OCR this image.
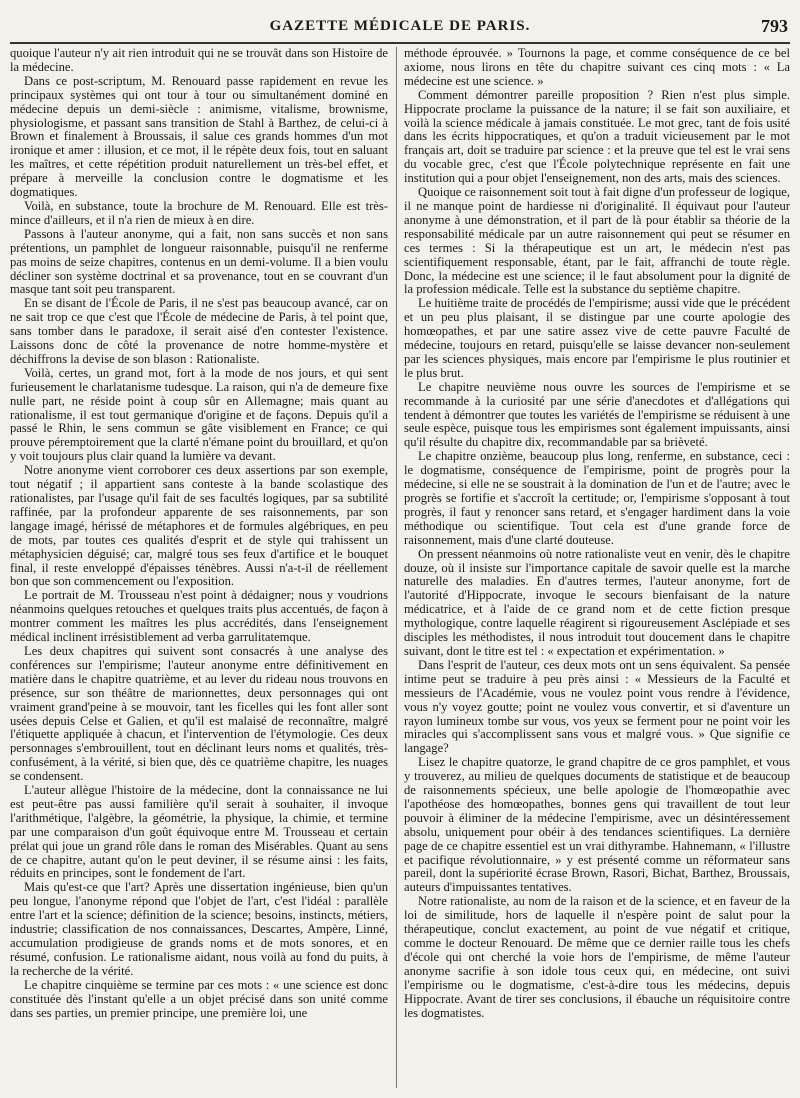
GAZETTE MÉDICALE DE PARIS.	793

quoique l'auteur n'y ait rien introduit qui ne se trouvât dans son Histoire de la médecine.

Dans ce post-scriptum, M. Renouard passe rapidement en revue les principaux systèmes qui ont tour à tour ou simultanément dominé en médecine depuis un demi-siècle : animisme, vitalisme, brownisme, physiologisme, et passant sans transition de Stahl à Barthez, de celui-ci à Brown et finalement à Broussais, il salue ces grands hommes d'un mot ironique et amer : illusion, et ce mot, il le répète deux fois, tout en saluant les maîtres, et cette répétition produit naturellement un très-bel effet, et prépare à merveille la conclusion contre le dogmatisme et les dogmatiques.

Voilà, en substance, toute la brochure de M. Renouard. Elle est très-mince d'ailleurs, et il n'a rien de mieux à en dire.

Passons à l'auteur anonyme, qui a fait, non sans succès et non sans prétentions, un pamphlet de longueur raisonnable, puisqu'il ne renferme pas moins de seize chapitres, contenus en un demi-volume. Il a bien voulu décliner son système doctrinal et sa provenance, tout en se couvrant d'un masque tant soit peu transparent.

En se disant de l'École de Paris, il ne s'est pas beaucoup avancé, car on ne sait trop ce que c'est que l'École de médecine de Paris, à tel point que, sans tomber dans le paradoxe, il serait aisé d'en contester l'existence. Laissons donc de côté la provenance de notre homme-mystère et déchiffrons la devise de son blason : Rationaliste.

Voilà, certes, un grand mot, fort à la mode de nos jours, et qui sent furieusement le charlatanisme tudesque. La raison, qui n'a de demeure fixe nulle part, ne réside point à coup sûr en Allemagne; mais quant au rationalisme, il est tout germanique d'origine et de façons. Depuis qu'il a passé le Rhin, le sens commun se gâte visiblement en France; ce qui prouve péremptoirement que la clarté n'émane point du brouillard, et qu'on y voit toujours plus clair quand la lumière va devant.

Notre anonyme vient corroborer ces deux assertions par son exemple, tout négatif ; il appartient sans conteste à la bande scolastique des rationalistes, par l'usage qu'il fait de ses facultés logiques, par sa subtilité raffinée, par la profondeur apparente de ses raisonnements, par son langage imagé, hérissé de métaphores et de formules algébriques, en peu de mots, par toutes ces qualités d'esprit et de style qui trahissent un métaphysicien déguisé; car, malgré tous ses feux d'artifice et le bouquet final, il reste enveloppé d'épaisses ténèbres. Aussi n'a-t-il de réellement bon que son commencement ou l'exposition.

Le portrait de M. Trousseau n'est point à dédaigner; nous y voudrions néanmoins quelques retouches et quelques traits plus accentués, de façon à montrer comment les maîtres les plus accrédités, dans l'enseignement médical inclinent irrésistiblement ad verba garrulitatemque.

Les deux chapitres qui suivent sont consacrés à une analyse des conférences sur l'empirisme; l'auteur anonyme entre définitivement en matière dans le chapitre quatrième, et au lever du rideau nous trouvons en présence, sur son théâtre de marionnettes, deux personnages qui ont vraiment grand'peine à se mouvoir, tant les ficelles qui les font aller sont usées depuis Celse et Galien, et qu'il est malaisé de reconnaître, malgré l'étiquette appliquée à chacun, et l'intervention de l'étymologie. Ces deux personnages s'embrouillent, tout en déclinant leurs noms et qualités, très-confusément, à la vérité, si bien que, dès ce quatrième chapitre, les nuages se condensent.

L'auteur allègue l'histoire de la médecine, dont la connaissance ne lui est peut-être pas aussi familière qu'il serait à souhaiter, il invoque l'arithmétique, l'algèbre, la géométrie, la physique, la chimie, et termine par une comparaison d'un goût équivoque entre M. Trousseau et certain prélat qui joue un grand rôle dans le roman des Misérables. Quant au sens de ce chapitre, autant qu'on le peut deviner, il se résume ainsi : les faits, réduits en principes, sont le fondement de l'art.

Mais qu'est-ce que l'art? Après une dissertation ingénieuse, bien qu'un peu longue, l'anonyme répond que l'objet de l'art, c'est l'idéal : parallèle entre l'art et la science; définition de la science; besoins, instincts, métiers, industrie; classification de nos connaissances, Descartes, Ampère, Linné, accumulation prodigieuse de grands noms et de mots sonores, et en résumé, confusion. Le rationalisme aidant, nous voilà au fond du puits, à la recherche de la vérité.

Le chapitre cinquième se termine par ces mots : « une science est donc constituée dès l'instant qu'elle a un objet précisé dans son unité comme dans ses parties, un premier principe, une première loi, une

méthode éprouvée. » Tournons la page, et comme conséquence de ce bel axiome, nous lirons en tête du chapitre suivant ces cinq mots : « La médecine est une science. »

Comment démontrer pareille proposition ? Rien n'est plus simple. Hippocrate proclame la puissance de la nature; il se fait son auxiliaire, et voilà la science médicale à jamais constituée. Le mot grec, tant de fois usité dans les écrits hippocratiques, et qu'on a traduit vicieusement par le mot français art, doit se traduire par science : et la preuve que tel est le vrai sens du vocable grec, c'est que l'École polytechnique représente en fait une institution qui a pour objet l'enseignement, non des arts, mais des sciences.

Quoique ce raisonnement soit tout à fait digne d'un professeur de logique, il ne manque point de hardiesse ni d'originalité. Il équivaut pour l'auteur anonyme à une démonstration, et il part de là pour établir sa théorie de la responsabilité médicale par un autre raisonnement qui peut se résumer en ces termes : Si la thérapeutique est un art, le médecin n'est pas scientifiquement responsable, étant, par le fait, affranchi de toute règle. Donc, la médecine est une science; il le faut absolument pour la dignité de la profession médicale. Telle est la substance du septième chapitre.

Le huitième traite de procédés de l'empirisme; aussi vide que le précédent et un peu plus plaisant, il se distingue par une courte apologie des homœopathes, et par une satire assez vive de cette pauvre Faculté de médecine, toujours en retard, puisqu'elle se laisse devancer non-seulement par les sciences physiques, mais encore par l'empirisme le plus routinier et le plus brut.

Le chapitre neuvième nous ouvre les sources de l'empirisme et se recommande à la curiosité par une série d'anecdotes et d'allégations qui tendent à démontrer que toutes les variétés de l'empirisme se réduisent à une seule espèce, puisque tous les empirismes sont également impuissants, ainsi qu'il résulte du chapitre dix, recommandable par sa brièveté.

Le chapitre onzième, beaucoup plus long, renferme, en substance, ceci : le dogmatisme, conséquence de l'empirisme, point de progrès pour la médecine, si elle ne se soustrait à la domination de l'un et de l'autre; avec le progrès se fortifie et s'accroît la certitude; or, l'empirisme s'opposant à tout progrès, il faut y renoncer sans retard, et s'engager hardiment dans la voie méthodique ou scientifique. Tout cela est d'une grande force de raisonnement, mais d'une clarté douteuse.

On pressent néanmoins où notre rationaliste veut en venir, dès le chapitre douze, où il insiste sur l'importance capitale de savoir quelle est la marche naturelle des maladies. En d'autres termes, l'auteur anonyme, fort de l'autorité d'Hippocrate, invoque le secours bienfaisant de la nature médicatrice, et à l'aide de ce grand nom et de cette fiction presque mythologique, contre laquelle réagirent si rigoureusement Asclépiade et ses disciples les méthodistes, il nous introduit tout doucement dans le chapitre suivant, dont le titre est tel : « expectation et expérimentation. »

Dans l'esprit de l'auteur, ces deux mots ont un sens équivalent. Sa pensée intime peut se traduire à peu près ainsi : « Messieurs de la Faculté et messieurs de l'Académie, vous ne voulez point vous rendre à l'évidence, vous n'y voyez goutte; point ne voulez vous convertir, et si d'aventure un rayon lumineux tombe sur vous, vos yeux se ferment pour ne point voir les miracles qui s'accomplissent sans vous et malgré vous. » Que signifie ce langage?

Lisez le chapitre quatorze, le grand chapitre de ce gros pamphlet, et vous y trouverez, au milieu de quelques documents de statistique et de beaucoup de raisonnements spécieux, une belle apologie de l'homœopathie avec l'apothéose des homœopathes, bonnes gens qui travaillent de tout leur pouvoir à éliminer de la médecine l'empirisme, avec un désintéressement absolu, uniquement pour obéir à des tendances scientifiques. La dernière page de ce chapitre essentiel est un vrai dithyrambe. Hahnemann, « l'illustre et pacifique révolutionnaire, » y est présenté comme un réformateur sans pareil, dont la supériorité écrase Brown, Rasori, Bichat, Barthez, Broussais, auteurs d'impuissantes tentatives.

Notre rationaliste, au nom de la raison et de la science, et en faveur de la loi de similitude, hors de laquelle il n'espère point de salut pour la thérapeutique, conclut exactement, au point de vue négatif et critique, comme le docteur Renouard. De même que ce dernier raille tous les chefs d'école qui ont cherché la voie hors de l'empirisme, de même l'auteur anonyme sacrifie à son idole tous ceux qui, en médecine, ont suivi l'empirisme ou le dogmatisme, c'est-à-dire tous les médecins, depuis Hippocrate. Avant de tirer ses conclusions, il ébauche un réquisitoire contre les dogmatistes.
